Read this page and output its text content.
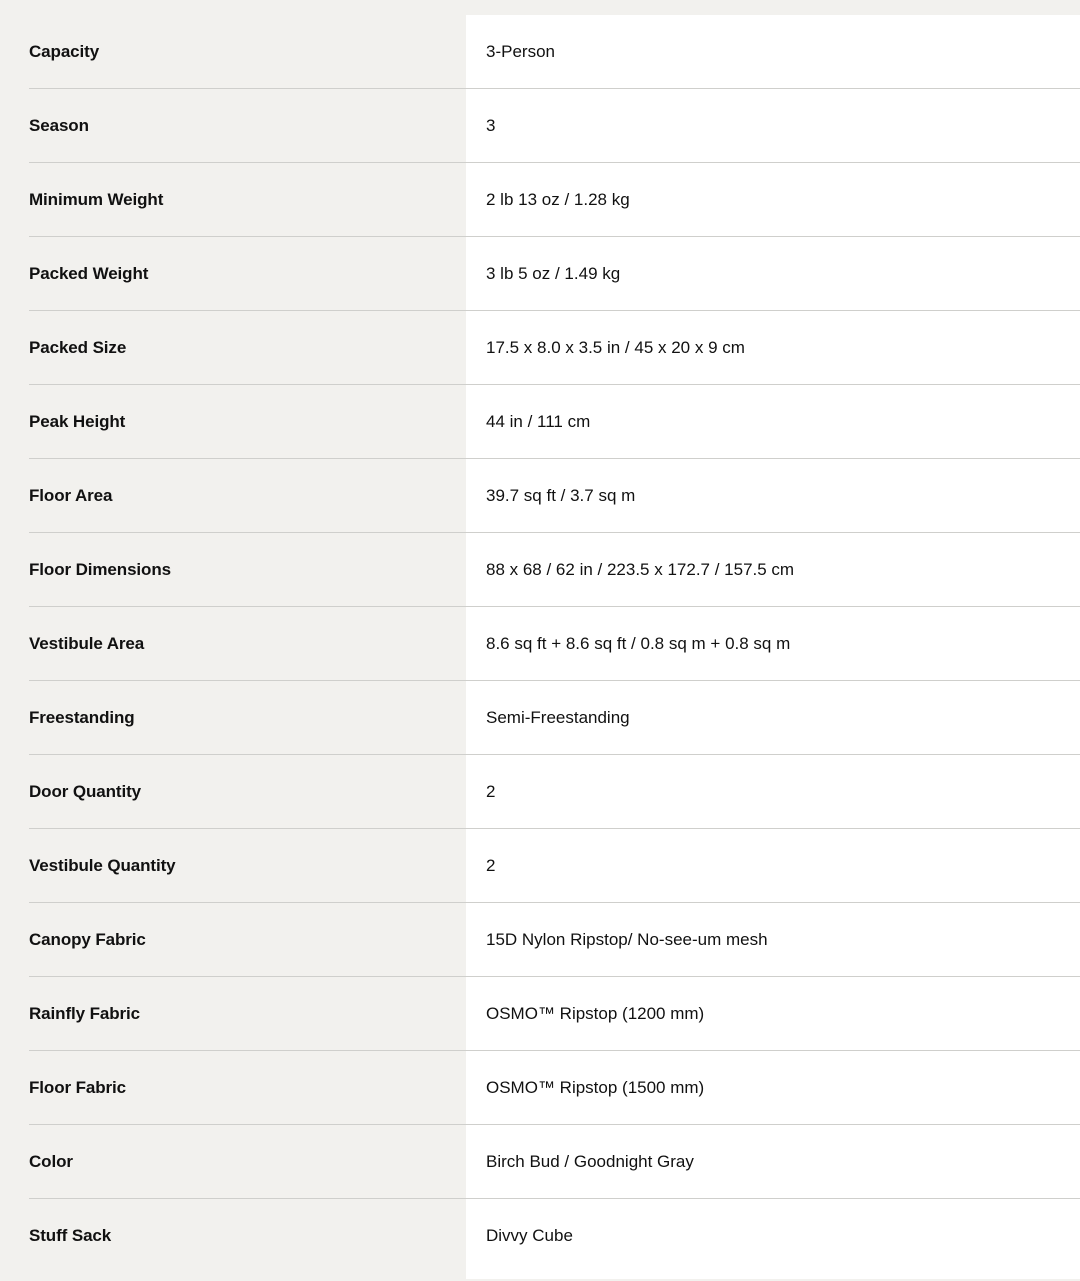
Capacity	3-Person
Season	3
Minimum Weight	2 lb 13 oz / 1.28 kg
Packed Weight	3 lb 5 oz / 1.49 kg
Packed Size	17.5 x 8.0 x 3.5 in / 45 x 20 x 9 cm
Peak Height	44 in / 111 cm
Floor Area	39.7 sq ft / 3.7 sq m
Floor Dimensions	88 x 68 / 62 in / 223.5 x 172.7 / 157.5 cm
Vestibule Area	8.6 sq ft + 8.6 sq ft / 0.8 sq m + 0.8 sq m
Freestanding	Semi-Freestanding
Door Quantity	2
Vestibule Quantity	2
Canopy Fabric	15D Nylon Ripstop/ No-see-um mesh
Rainfly Fabric	OSMO™ Ripstop (1200 mm)
Floor Fabric	OSMO™ Ripstop (1500 mm)
Color	Birch Bud / Goodnight Gray
Stuff Sack	Divvy Cube
